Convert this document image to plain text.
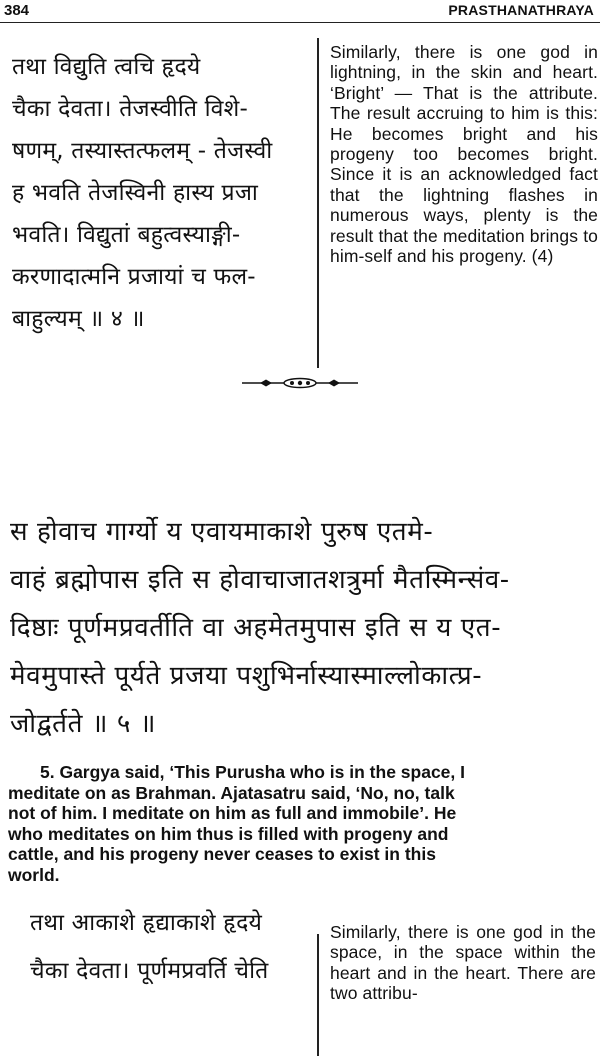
384	PRASTHANATHRAYA
तथा विद्युति त्वचि हृदये
चैका देवता। तेजस्वीति विशे-
षणम्, तस्यास्तत्फलम् - तेजस्वी
ह भवति तेजस्विनी हास्य प्रजा
भवति। विद्युतां बहुत्वस्याङ्गी-
करणादात्मनि प्रजायां च फल-
बाहुल्यम् ॥ ४ ॥
Similarly, there is one god in lightning, in the skin and heart. ‘Bright’ — That is the attribute. The result accruing to him is this: He becomes bright and his progeny too becomes bright. Since it is an acknowledged fact that the lightning flashes in numerous ways, plenty is the result that the meditation brings to him-self and his progeny. (4)
स होवाच गार्ग्यो य एवायमाकाशे पुरुष एतमे-
वाहं ब्रह्मोपास इति स होवाचाजातशत्रुर्मा मैतस्मिन्संव-
दिष्ठाः पूर्णमप्रवर्तीति वा अहमेतमुपास इति स य एत-
मेवमुपास्ते पूर्यते प्रजया पशुभिर्नास्यास्माल्लोकात्प्र-
जोद्वर्तते ॥ ५ ॥
5. Gargya said, ‘This Purusha who is in the space, I
meditate on as Brahman. Ajatasatru said, ‘No, no, talk
not of him. I meditate on him as full and immobile’. He
who meditates on him thus is filled with progeny and
cattle, and his progeny never ceases to exist in this
world.
तथा आकाशे हृद्याकाशे हृदये
चैका देवता। पूर्णमप्रवर्ति चेति
Similarly, there is one god in the space, in the space within the heart and in the heart. There are two attribu-
